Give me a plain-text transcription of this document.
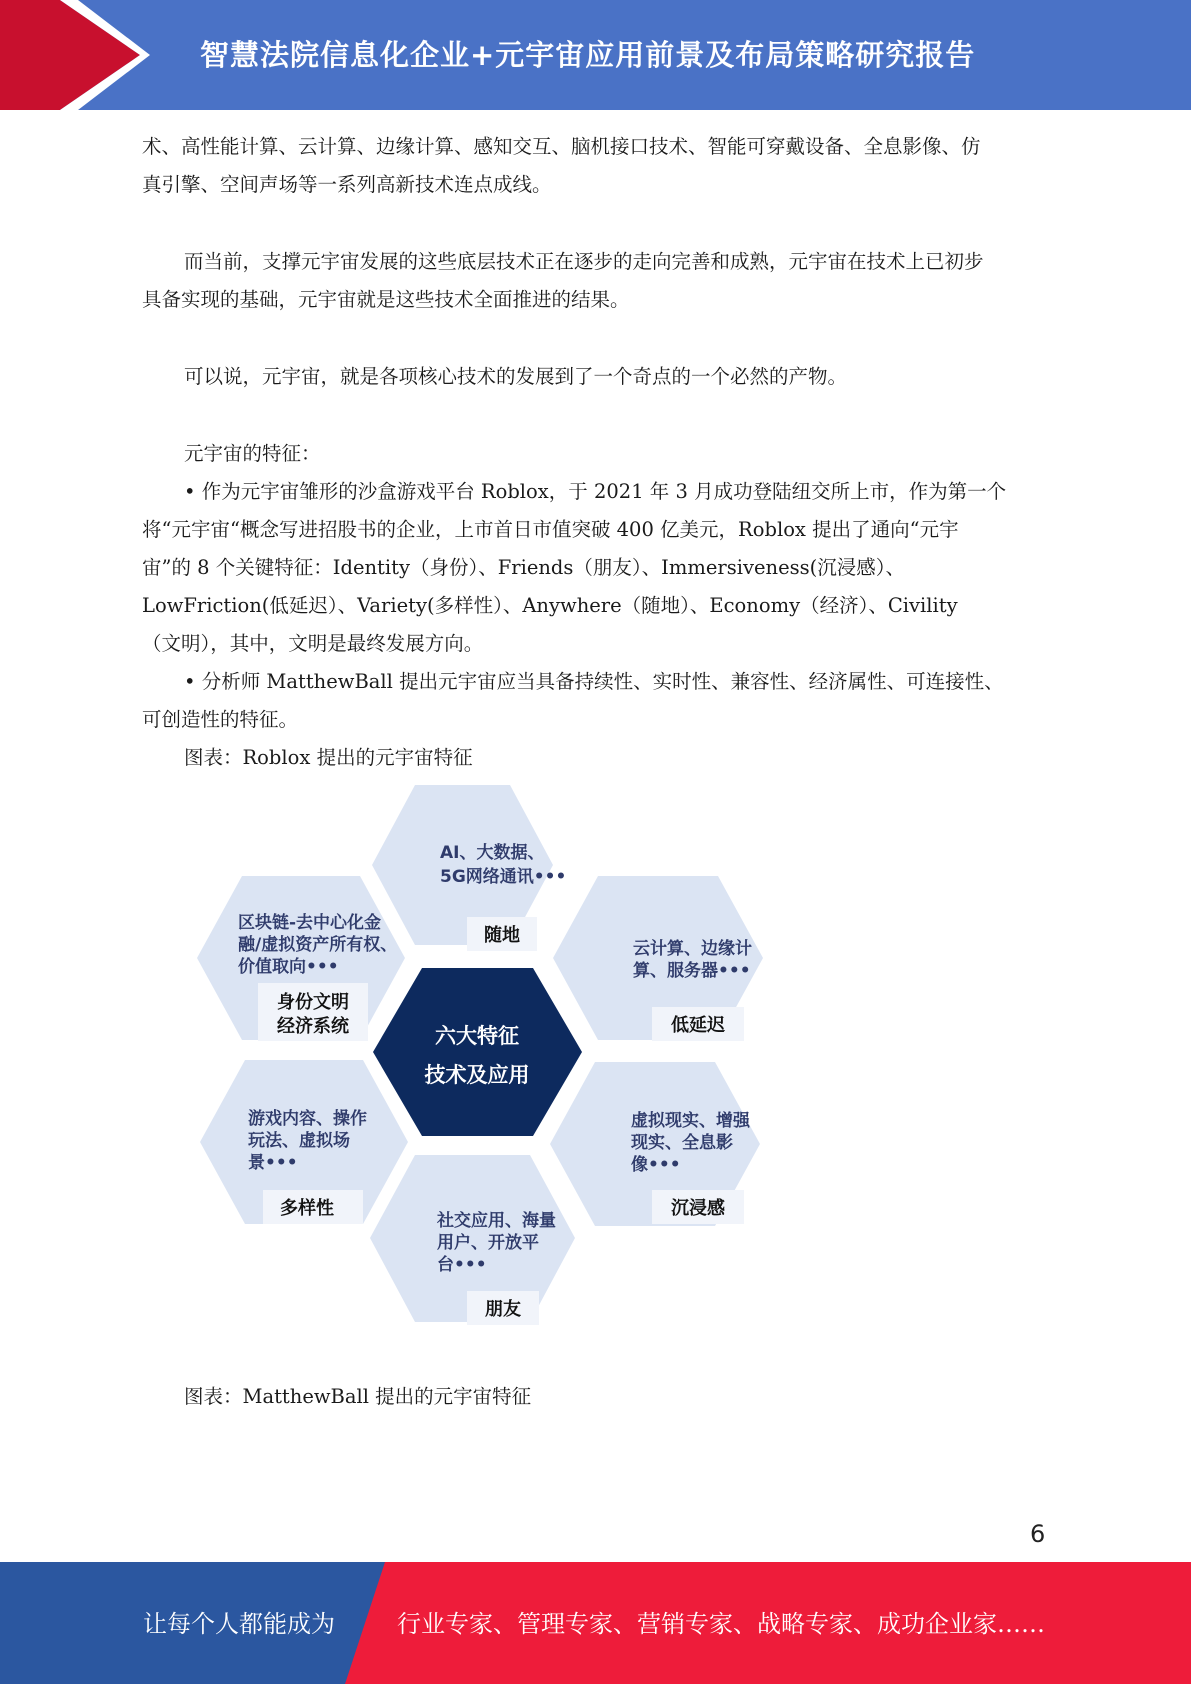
智慧法院信息化企业+元宇宙应用前景及布局策略研究报告
术、高性能计算、云计算、边缘计算、感知交互、脑机接口技术、智能可穿戴设备、全息影像、仿
真引擎、空间声场等一系列高新技术连点成线。
而当前，支撑元宇宙发展的这些底层技术正在逐步的走向完善和成熟，元宇宙在技术上已初步
具备实现的基础，元宇宙就是这些技术全面推进的结果。
可以说，元宇宙，就是各项核心技术的发展到了一个奇点的一个必然的产物。
元宇宙的特征：
• 作为元宇宙雏形的沙盒游戏平台 Roblox，于 2021 年 3 月成功登陆纽交所上市，作为第一个
将“元宇宙“概念写进招股书的企业，上市首日市值突破 400 亿美元，Roblox 提出了通向“元宇
宙”的 8 个关键特征：Identity（身份）、Friends（朋友）、Immersiveness(沉浸感）、
LowFriction(低延迟）、Variety(多样性）、Anywhere（随地）、Economy（经济）、Civility
（文明），其中，文明是最终发展方向。
• 分析师 MatthewBall 提出元宇宙应当具备持续性、实时性、兼容性、经济属性、可连接性、
可创造性的特征。
图表：Roblox 提出的元宇宙特征
图表：MatthewBall 提出的元宇宙特征
AI、大数据、
5G网络通讯•••
随地
区块链-去中心化金
融/虚拟资产所有权、
价值取向•••
身份文明
经济系统
云计算、边缘计
算、服务器•••
低延迟
六大特征
技术及应用
游戏内容、操作
玩法、虚拟场
景•••
多样性
虚拟现实、增强
现实、全息影
像•••
沉浸感
社交应用、海量
用户、开放平
台•••
朋友
6
让每个人都能成为	行业专家、管理专家、营销专家、战略专家、成功企业家……
